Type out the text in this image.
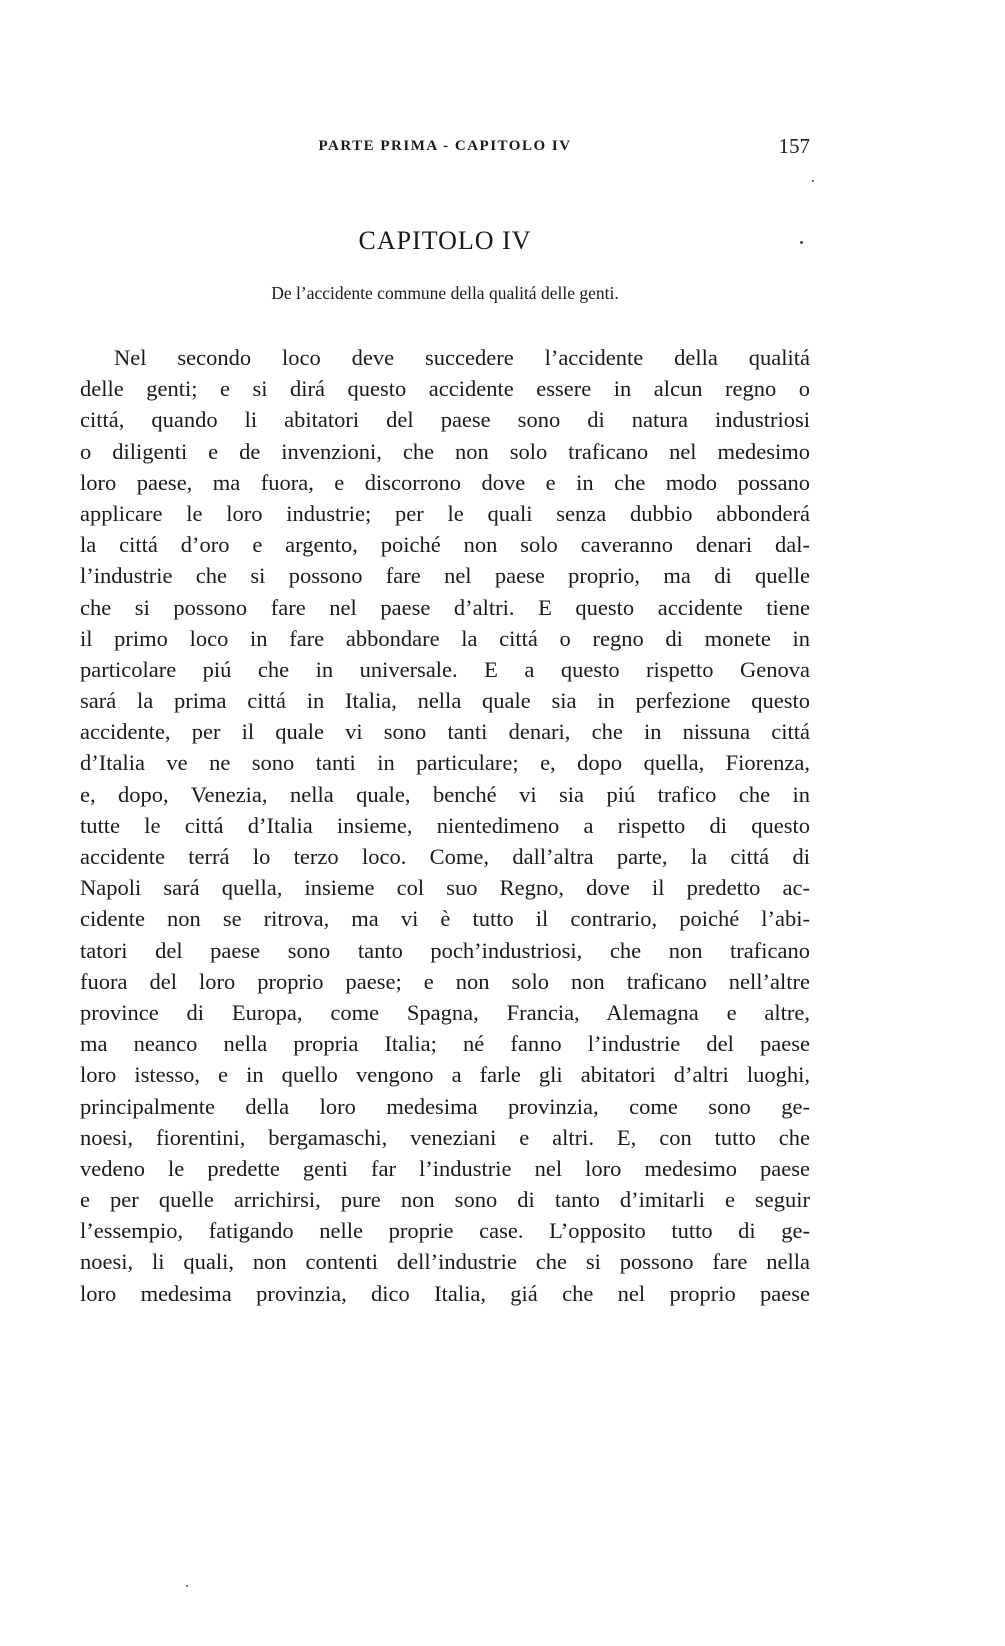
PARTE PRIMA - CAPITOLO IV	157
CAPITOLO IV
De l’accidente commune della qualitá delle genti.
Nel secondo loco deve succedere l’accidente della qualitá
delle genti; e si dirá questo accidente essere in alcun regno o
cittá, quando li abitatori del paese sono di natura industriosi
o diligenti e de invenzioni, che non solo traficano nel medesimo
loro paese, ma fuora, e discorrono dove e in che modo possano
applicare le loro industrie; per le quali senza dubbio abbonderá
la cittá d’oro e argento, poiché non solo caveranno denari dal-
l’industrie che si possono fare nel paese proprio, ma di quelle
che si possono fare nel paese d’altri. E questo accidente tiene
il primo loco in fare abbondare la cittá o regno di monete in
particolare piú che in universale. E a questo rispetto Genova
sará la prima cittá in Italia, nella quale sia in perfezione questo
accidente, per il quale vi sono tanti denari, che in nissuna cittá
d’Italia ve ne sono tanti in particulare; e, dopo quella, Fiorenza,
e, dopo, Venezia, nella quale, benché vi sia piú trafico che in
tutte le cittá d’Italia insieme, nientedimeno a rispetto di questo
accidente terrá lo terzo loco. Come, dall’altra parte, la cittá di
Napoli sará quella, insieme col suo Regno, dove il predetto ac-
cidente non se ritrova, ma vi è tutto il contrario, poiché l’abi-
tatori del paese sono tanto poch’industriosi, che non traficano
fuora del loro proprio paese; e non solo non traficano nell’altre
province di Europa, come Spagna, Francia, Alemagna e altre,
ma neanco nella propria Italia; né fanno l’industrie del paese
loro istesso, e in quello vengono a farle gli abitatori d’altri luoghi,
principalmente della loro medesima provinzia, come sono ge-
noesi, fiorentini, bergamaschi, veneziani e altri. E, con tutto che
vedeno le predette genti far l’industrie nel loro medesimo paese
e per quelle arrichirsi, pure non sono di tanto d’imitarli e seguir
l’essempio, fatigando nelle proprie case. L’opposito tutto di ge-
noesi, li quali, non contenti dell’industrie che si possono fare nella
loro medesima provinzia, dico Italia, giá che nel proprio paese
